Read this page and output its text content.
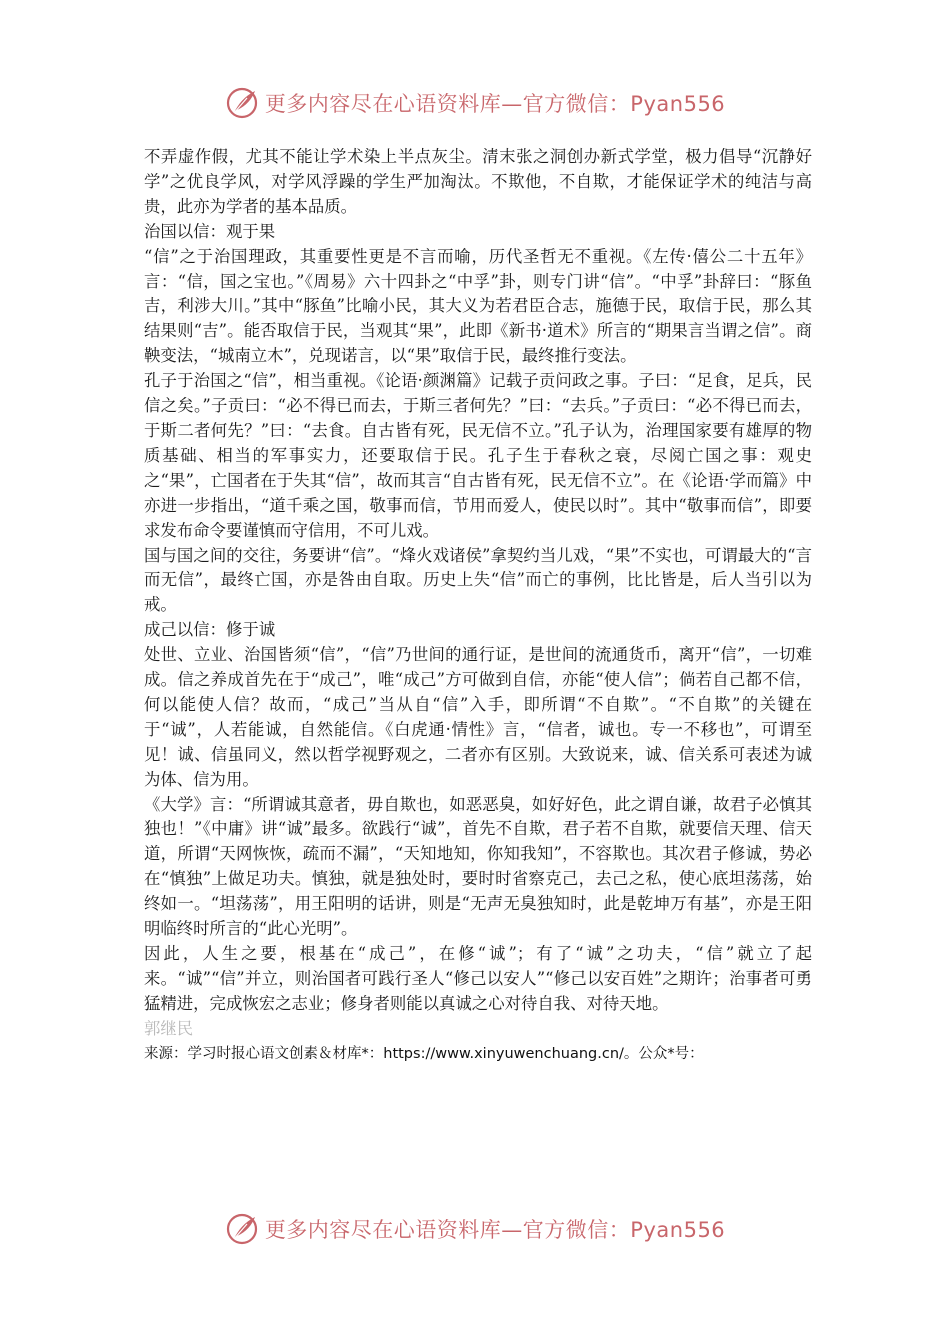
更多内容尽在心语资料库—官方微信：Pyan556

不弄虚作假，尤其不能让学术染上半点灰尘。清末张之洞创办新式学堂，极力倡导“沉静好学”之优良学风，对学风浮躁的学生严加淘汰。不欺他，不自欺，才能保证学术的纯洁与高贵，此亦为学者的基本品质。

治国以信：观于果

“信”之于治国理政，其重要性更是不言而喻，历代圣哲无不重视。《左传·僖公二十五年》言：“信，国之宝也。”《周易》六十四卦之“中孚”卦，则专门讲“信”。“中孚”卦辞曰：“豚鱼吉，利涉大川。”其中“豚鱼”比喻小民，其大义为若君臣合志，施德于民，取信于民，那么其结果则“吉”。能否取信于民，当观其“果”，此即《新书·道术》所言的“期果言当谓之信”。商鞅变法，“城南立木”，兑现诺言，以“果”取信于民，最终推行变法。

孔子于治国之“信”，相当重视。《论语·颜渊篇》记载子贡问政之事。子曰：“足食，足兵，民信之矣。”子贡曰：“必不得已而去，于斯三者何先？”曰：“去兵。”子贡曰：“必不得已而去，于斯二者何先？”曰：“去食。自古皆有死，民无信不立。”孔子认为，治理国家要有雄厚的物质基础、相当的军事实力，还要取信于民。孔子生于春秋之衰，尽阅亡国之事：观史之“果”，亡国者在于失其“信”，故而其言“自古皆有死，民无信不立”。在《论语·学而篇》中亦进一步指出，“道千乘之国，敬事而信，节用而爱人，使民以时”。其中“敬事而信”，即要求发布命令要谨慎而守信用，不可儿戏。

国与国之间的交往，务要讲“信”。“烽火戏诸侯”拿契约当儿戏，“果”不实也，可谓最大的“言而无信”，最终亡国，亦是咎由自取。历史上失“信”而亡的事例，比比皆是，后人当引以为戒。

成己以信：修于诚

处世、立业、治国皆须“信”，“信”乃世间的通行证，是世间的流通货币，离开“信”，一切难成。信之养成首先在于“成己”，唯“成己”方可做到自信，亦能“使人信”；倘若自己都不信，何以能使人信？故而，“成己”当从自“信”入手，即所谓“不自欺”。“不自欺”的关键在于“诚”，人若能诚，自然能信。《白虎通·情性》言，“信者，诚也。专一不移也”，可谓至见！诚、信虽同义，然以哲学视野观之，二者亦有区别。大致说来，诚、信关系可表述为诚为体、信为用。

《大学》言：“所谓诚其意者，毋自欺也，如恶恶臭，如好好色，此之谓自谦，故君子必慎其独也！”《中庸》讲“诚”最多。欲践行“诚”，首先不自欺，君子若不自欺，就要信天理、信天道，所谓“天网恢恢，疏而不漏”，“天知地知，你知我知”，不容欺也。其次君子修诚，势必在“慎独”上做足功夫。慎独，就是独处时，要时时省察克己，去己之私，使心底坦荡荡，始终如一。“坦荡荡”，用王阳明的话讲，则是“无声无臭独知时，此是乾坤万有基”，亦是王阳明临终时所言的“此心光明”。

因此，人生之要，根基在“成己”，在修“诚”；有了“诚”之功夫，“信”就立了起来。“诚”“信”并立，则治国者可践行圣人“修己以安人”“修己以安百姓”之期许；治事者可勇猛精进，完成恢宏之志业；修身者则能以真诚之心对待自我、对待天地。

郭继民

来源：学习时报心语文创素＆材库*：https://www.xinyuwenchuang.cn/。公众*号：

更多内容尽在心语资料库—官方微信：Pyan556
